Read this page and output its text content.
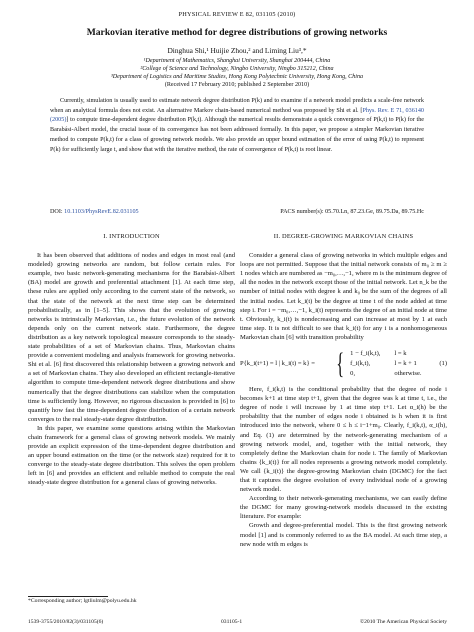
PHYSICAL REVIEW E 82, 031105 (2010)
Markovian iterative method for degree distributions of growing networks
Dinghua Shi,¹ Huijie Zhou,² and Liming Liu³,*
¹Department of Mathematics, Shanghai University, Shanghai 200444, China
²College of Science and Technology, Ningbo University, Ningbo 315212, China
³Department of Logistics and Maritime Studies, Hong Kong Polytechnic University, Hong Kong, China
(Received 17 February 2010; published 2 September 2010)
Currently, simulation is usually used to estimate network degree distribution P(k) and to examine if a network model predicts a scale-free network when an analytical formula does not exist. An alternative Markov chain-based numerical method was proposed by Shi et al. [Phys. Rev. E 71, 036140 (2005)] to compute time-dependent degree distribution P(k,t). Although the numerical results demonstrate a quick convergence of P(k,t) to P(k) for the Barabási-Albert model, the crucial issue of its convergence has not been addressed formally. In this paper, we propose a simpler Markovian iterative method to compute P(k,t) for a class of growing network models. We also provide an upper bound estimation of the error of using P(k,t) to represent P(k) for sufficiently large t, and show that with the iterative method, the rate of convergence of P(k,t) is root linear.
DOI: 10.1103/PhysRevE.82.031105	PACS number(s): 05.70.Ln, 87.23.Ge, 89.75.Da, 89.75.Hc
I. INTRODUCTION

It has been observed that additions of nodes and edges in most real (and modeled) growing networks are random, but follow certain rules. For example, two basic network-generating mechanisms for the Barabási-Albert (BA) model are growth and preferential attachment [1]. At each time step, these rules are applied only according to the current state of the network, so that the state of the network at the next time step can be determined probabilistically, as in [1–5]. This shows that the evolution of growing networks is intrinsically Markovian, i.e., the future evolution of the network depends only on the current network state. Furthermore, the degree distribution as a key network topological measure corresponds to the steady-state probabilities of a set of Markovian chains. Thus, Markovian chains provide a convenient modeling and analysis framework for growing networks. Shi et al. [6] first discovered this relationship between a growing network and a set of Markovian chains. They also developed an efficient rectangle-iterative algorithm to compute time-dependent network degree distributions and show numerically that the degree distributions can stabilize when the computation time is sufficiently long. However, no rigorous discussion is provided in [6] to quantify how fast the time-dependent degree distribution of a certain network converges to the real steady-state degree distribution.

In this paper, we examine some questions arising within the Markovian chain framework for a general class of growing network models. We mainly provide an explicit expression of the time-dependent degree distribution and an upper bound estimation on the time (or the network size) required for it to converge to the steady-state degree distribution. This solves the open problem left in [6] and provides an efficient and reliable method to compute the real steady-state degree distribution for a general class of growing networks.

II. DEGREE-GROWING MARKOVIAN CHAINS

Consider a general class of growing networks in which multiple edges and loops are not permitted. Suppose that the initial network consists of m₀ ≥ m ≥ 1 nodes which are numbered as −m₀,…,−1, where m is the minimum degree of all the nodes in the network except those of the initial network. Let n_k be the number of initial nodes with degree k and k₀ be the sum of the degrees of all the initial nodes. Let k_i(t) be the degree at time t of the node added at time step i. For i = −m₀,…,−1, k_i(t) represents the degree of an initial node at time t. Obviously, k_i(t) is nondecreasing and can increase at most by 1 at each time step. It is not difficult to see that k_i(t) for any i is a nonhomogeneous Markovian chain [6] with transition probability

P{k_i(t+1) = l | k_i(t) = k} = { 1 − f_i(k,t), l = k
f_i(k,t),	l = k + 1
0,	otherwise.
(1)

Here, f_i(k,t) is the conditional probability that the degree of node i becomes k+1 at time step t+1, given that the degree was k at time t, i.e., the degree of node i will increase by 1 at time step t+1. Let α_i(h) be the probability that the number of edges node i obtained is h when it is first introduced into the network, where 0 ≤ h ≤ i−1+m₀. Clearly, f_i(k,t), α_i(h), and Eq. (1) are determined by the network-generating mechanism of a growing network model, and, together with the initial network, they completely define the Markovian chain for node i. The family of Markovian chains {k_i(t)} for all nodes represents a growing network model completely. We call {k_i(t)} the degree-growing Markovian chain (DGMC) for the fact that it captures the degree evolution of every individual node of a growing network model.

According to their network-generating mechanisms, we can easily define the DGMC for many growing-network models discussed in the existing literature. For example:

Growth and degree-preferential model. This is the first growing network model [1] and is commonly referred to as the BA model. At each time step, a new node with m edges is

*Corresponding author; lgtliulm@polyu.edu.hk
1539-3755/2010/82(3)/031105(6)	031105-1	©2010 The American Physical Society
